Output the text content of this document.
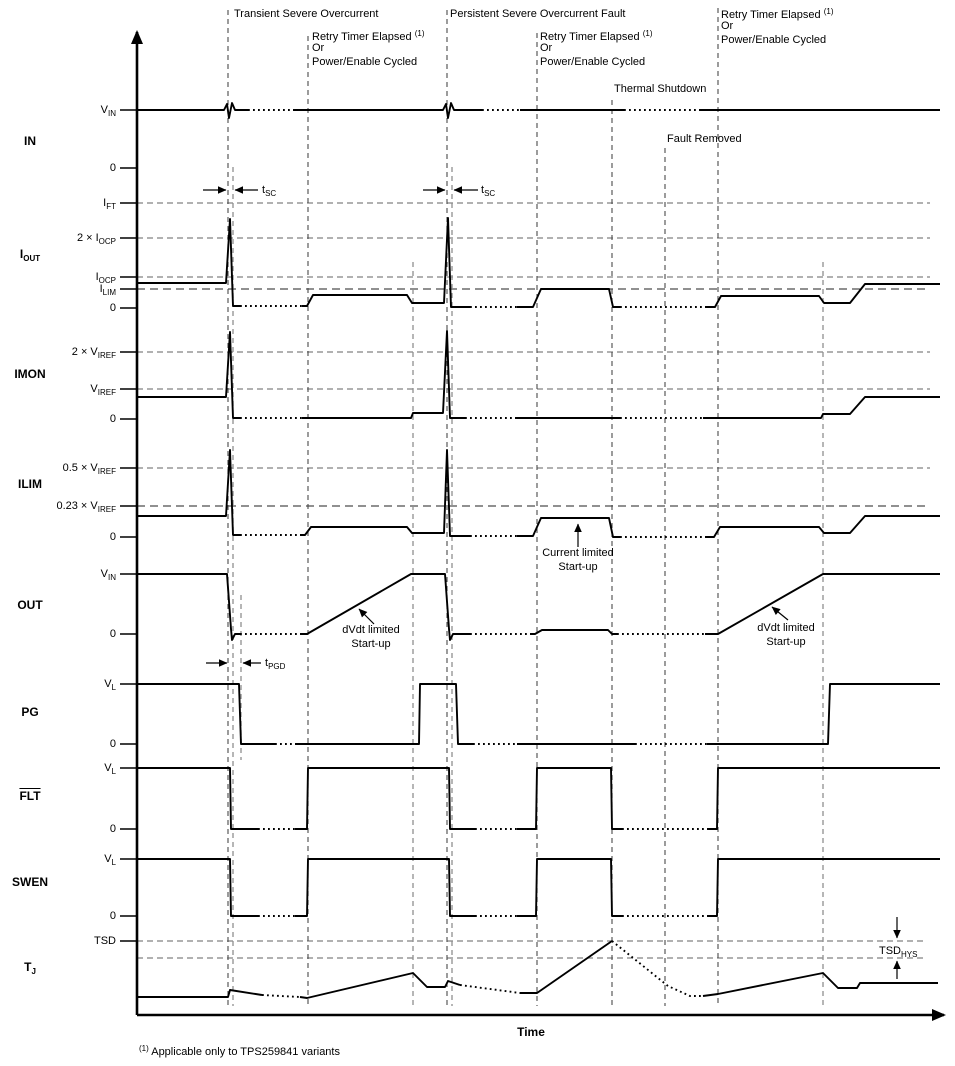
IN
$I_{OUT}$
IMON
ILIM
OUT
PG
$\overline{FLT}$
SWEN
$T_J$
$V_{IN}$
0
$I_{FT}$
$2 \times I_{OCP}$
$I_{OCP}$
$I_{LIM}$
0
$2 \times V_{IREF}$
$V_{IREF}$
0
$0.5 \times V_{IREF}$
$0.23 \times V_{IREF}$
0
$V_{IN}$
0
$V_L$
0
$V_L$
0
$V_L$
0
TSD
Transient Severe Overcurrent
Retry Timer Elapsed $^{(1)}$
Or
Power/Enable Cycled
Persistent Severe Overcurrent Fault
Retry Timer Elapsed $^{(1)}$
Or
Power/Enable Cycled
Thermal Shutdown
Fault Removed
Retry Timer Elapsed $^{(1)}$
Or
Power/Enable Cycled
$t_{SC}$	$t_{SC}$
$t_{PGD}$
dVdt limited
Start-up
Current limited
Start-up
dVdt limited
Start-up
$TSD_{HYS}$
Time
$^{(1)}$ Applicable only to TPS259841 variants
